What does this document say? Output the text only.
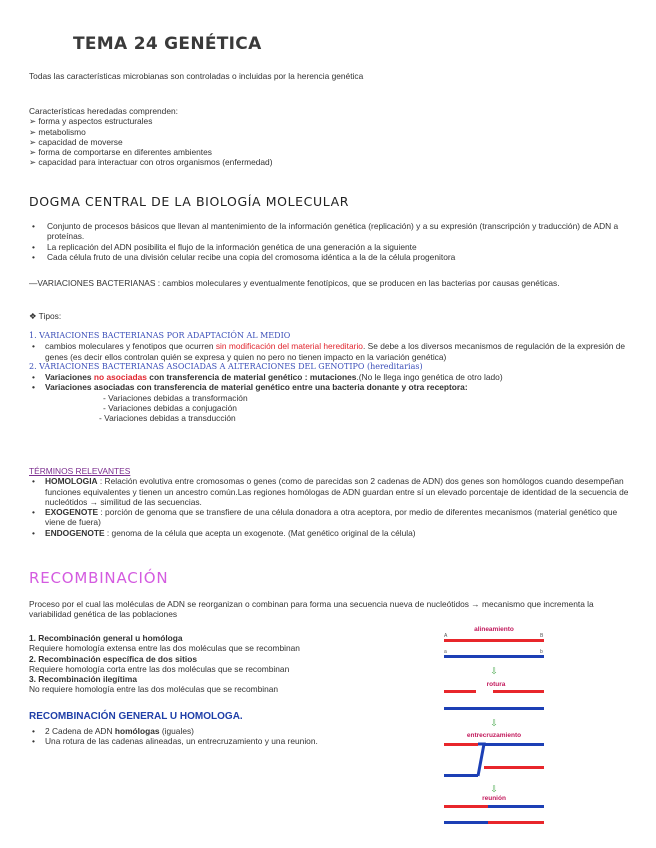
TEMA 24 GENÉTICA
Todas las características microbianas son controladas o incluidas por la herencia genética
Características heredadas comprenden:
➢ forma y aspectos estructurales
➢ metabolismo
➢ capacidad de moverse
➢ forma de comportarse en diferentes ambientes
➢ capacidad para interactuar con otros organismos (enfermedad)
DOGMA CENTRAL DE LA BIOLOGÍA MOLECULAR
• Conjunto de procesos básicos que llevan al mantenimiento de la información genética (replicación) y a su expresión (transcripción y traducción) de ADN a proteínas.
• La replicación del ADN posibilita el flujo de la información genética de una generación a la siguiente
• Cada célula fruto de una división celular recibe una copia del cromosoma idéntica a la de la célula progenitora
—VARIACIONES BACTERIANAS : cambios moleculares y eventualmente fenotípicos, que se producen en las bacterias por causas genéticas.
❖ Tipos:
1. VARIACIONES BACTERIANAS POR ADAPTACIÓN AL MEDIO
• cambios moleculares y fenotipos que ocurren sin modificación del material hereditario. Se debe a los diversos mecanismos de regulación de la expresión de genes (es decir ellos controlan quién se expresa y quien no pero no tienen impacto en la variación genética)
2. VARIACIONES BACTERIANAS ASOCIADAS A ALTERACIONES DEL GENOTIPO (hereditarias)
• Variaciones no asociadas con transferencia de material genético : mutaciones.(No le llega ingo genética de otro lado)
• Variaciones asociadas con transferencia de material genético entre una bacteria donante y otra receptora:
- Variaciones debidas a transformación
- Variaciones debidas a conjugación
- Variaciones debidas a transducción
TÉRMINOS RELEVANTES
• HOMOLOGIA : Relación evolutiva entre cromosomas o genes (como de parecidas son 2 cadenas de ADN) dos genes son homólogos cuando desempeñan funciones equivalentes y tienen un ancestro común.Las regiones homólogas de ADN guardan entre sí un elevado porcentaje de identidad de la secuencia de nucleótidos → similitud de las secuencias.
• EXOGENOTE : porción de genoma que se transfiere de una célula donadora a otra aceptora, por medio de diferentes mecanismos (material genético que viene de fuera)
• ENDOGENOTE : genoma de la célula que acepta un exogenote. (Mat genético original de la célula)
RECOMBINACIÓN
Proceso por el cual las moléculas de ADN se reorganizan o combinan para forma una secuencia nueva de nucleótidos → mecanismo que incrementa la variabilidad genética de las poblaciones
1. Recombinación general u homóloga
Requiere homología extensa entre las dos moléculas que se recombinan
2. Recombinación específica de dos sitios
Requiere homología corta entre las dos moléculas que se recombinan
3. Recombinación ilegítima
No requiere homología entre las dos moléculas que se recombinan
RECOMBINACIÓN GENERAL U HOMOLOGA.
• 2 Cadena de ADN homólogas (iguales)
• Una rotura de las cadenas alineadas, un entrecruzamiento y una reunion.
alineamiento
A	B
a	b
⇩
rotura
⇩
entrecruzamiento
⇩
reunión
